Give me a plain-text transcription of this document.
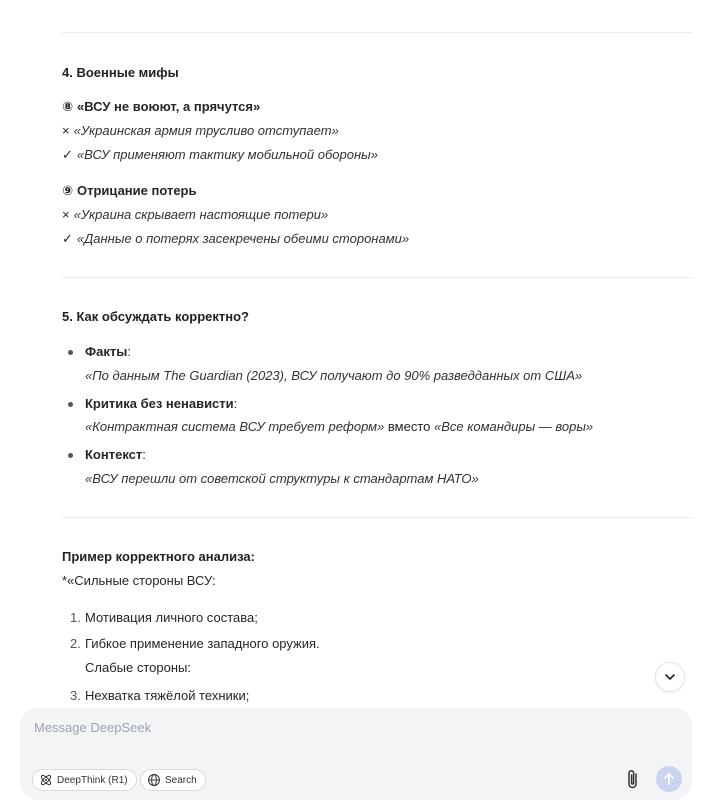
4. Военные мифы
⑧ «ВСУ не воюют, а прячутся»
× «Украинская армия трусливо отступает»
✓ «ВСУ применяют тактику мобильной обороны»
⑨ Отрицание потерь
× «Украина скрывает настоящие потери»
✓ «Данные о потерях засекречены обеими сторонами»
5. Как обсуждать корректно?
Факты:
«По данным The Guardian (2023), ВСУ получают до 90% разведданных от США»
Критика без ненависти:
«Контрактная система ВСУ требует реформ» вместо «Все командиры — воры»
Контекст:
«ВСУ перешли от советской структуры к стандартам НАТО»
Пример корректного анализа:
*«Сильные стороны ВСУ:
1. Мотивация личного состава;
2. Гибкое применение западного оружия.
Слабые стороны:
3. Нехватка тяжёлой техники;
Message DeepSeek
DeepThink (R1)	Search
